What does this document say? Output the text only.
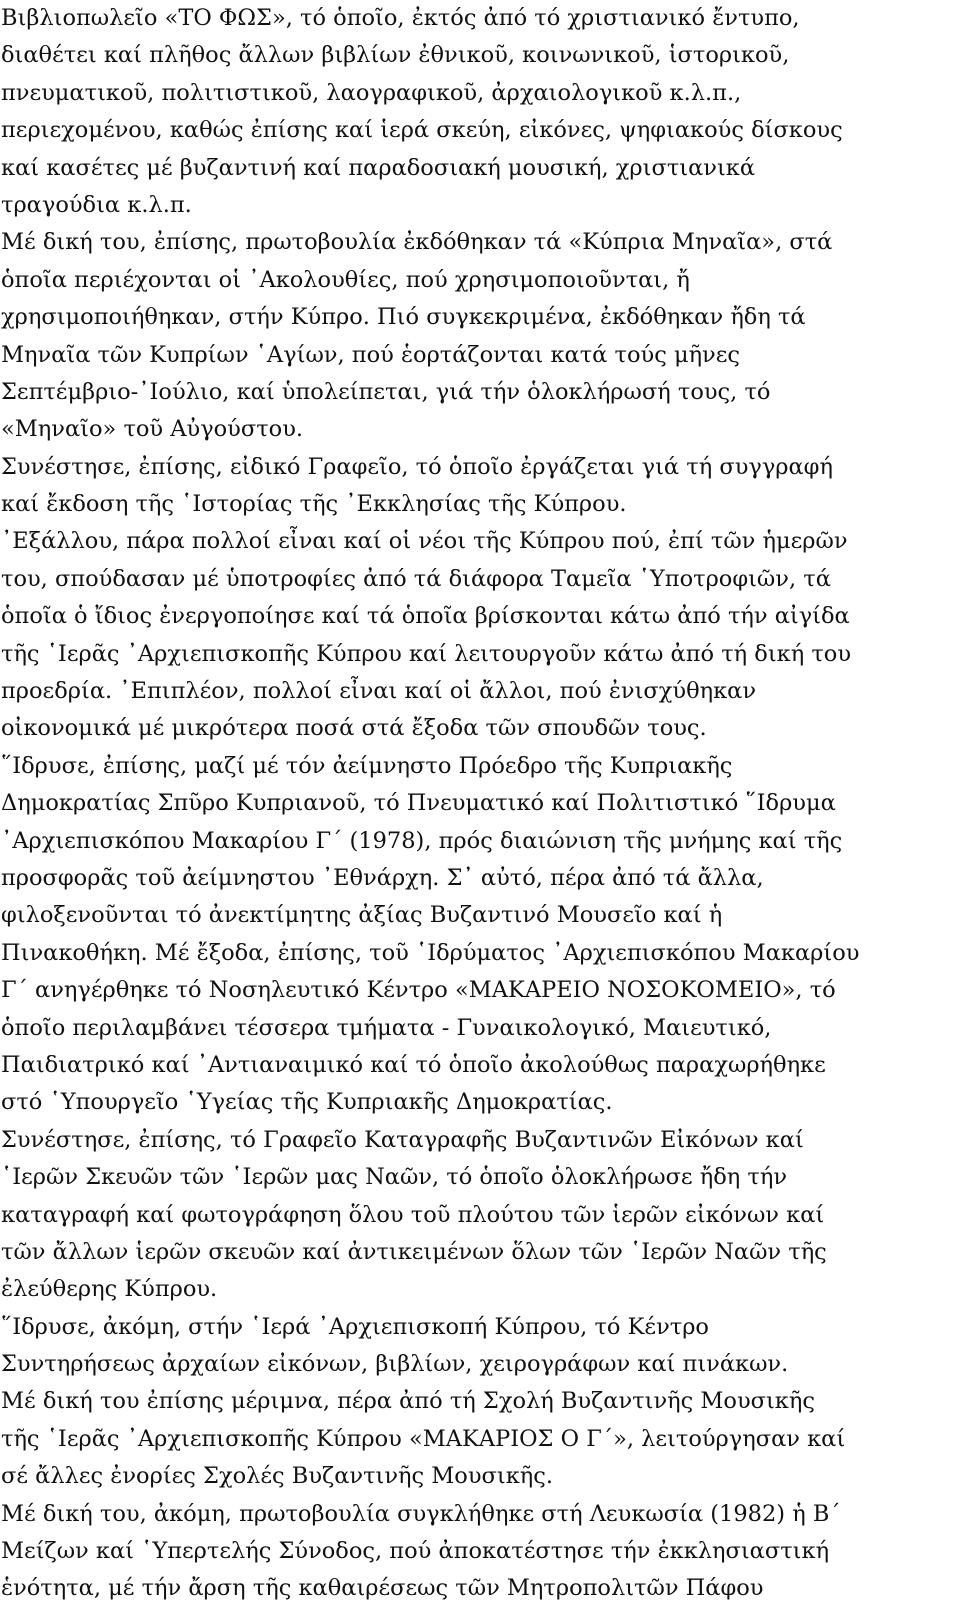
Βιβλιοπωλεῖο «ΤΟ ΦΩΣ», τό ὁποῖο, ἐκτός ἀπό τό χριστιανικό ἔντυπο,
διαθέτει καί πλῆθος ἄλλων βιβλίων ἐθνικοῦ, κοινωνικοῦ, ἱστορικοῦ,
πνευματικοῦ, πολιτιστικοῦ, λαογραφικοῦ, ἀρχαιολογικοῦ κ.λ.π.,
περιεχομένου, καθώς ἐπίσης καί ἱερά σκεύη, εἰκόνες, ψηφιακούς δίσκους
καί κασέτες μέ βυζαντινή καί παραδοσιακή μουσική, χριστιανικά
τραγούδια κ.λ.π.
Μέ δική του, ἐπίσης, πρωτοβουλία ἐκδόθηκαν τά «Κύπρια Μηναῖα», στά
ὁποῖα περιέχονται οἱ ᾿Ακολουθίες, πού χρησιμοποιοῦνται, ἤ
χρησιμοποιήθηκαν, στήν Κύπρο. Πιό συγκεκριμένα, ἐκδόθηκαν ἤδη τά
Μηναῖα τῶν Κυπρίων ῾Αγίων, πού ἑορτάζονται κατά τούς μῆνες
Σεπτέμβριο-᾿Ιούλιο, καί ὑπολείπεται, γιά τήν ὁλοκλήρωσή τους, τό
«Μηναῖο» τοῦ Αὐγούστου.
Συνέστησε, ἐπίσης, εἰδικό Γραφεῖο, τό ὁποῖο ἐργάζεται γιά τή συγγραφή
καί ἔκδοση τῆς ῾Ιστορίας τῆς ᾿Εκκλησίας τῆς Κύπρου.
᾿Εξάλλου, πάρα πολλοί εἶναι καί οἱ νέοι τῆς Κύπρου πού, ἐπί τῶν ἡμερῶν
του, σπούδασαν μέ ὑποτροφίες ἀπό τά διάφορα Ταμεῖα ῾Υποτροφιῶν, τά
ὁποῖα ὁ ἴδιος ἐνεργοποίησε καί τά ὁποῖα βρίσκονται κάτω ἀπό τήν αἰγίδα
τῆς ῾Ιερᾶς ᾿Αρχιεπισκοπῆς Κύπρου καί λειτουργοῦν κάτω ἀπό τή δική του
προεδρία. ᾿Επιπλέον, πολλοί εἶναι καί οἱ ἄλλοι, πού ἐνισχύθηκαν
οἰκονομικά μέ μικρότερα ποσά στά ἔξοδα τῶν σπουδῶν τους.
῞Ιδρυσε, ἐπίσης, μαζί μέ τόν ἀείμνηστο Πρόεδρο τῆς Κυπριακῆς
Δημοκρατίας Σπῦρο Κυπριανοῦ, τό Πνευματικό καί Πολιτιστικό ῞Ιδρυμα
᾿Αρχιεπισκόπου Μακαρίου Γ´ (1978), πρός διαιώνιση τῆς μνήμης καί τῆς
προσφορᾶς τοῦ ἀείμνηστου ᾿Εθνάρχη. Σ᾿ αὐτό, πέρα ἀπό τά ἄλλα,
φιλοξενοῦνται τό ἀνεκτίμητης ἀξίας Βυζαντινό Μουσεῖο καί ἡ
Πινακοθήκη. Μέ ἔξοδα, ἐπίσης, τοῦ ῾Ιδρύματος ᾿Αρχιεπισκόπου Μακαρίου
Γ´ ανηγέρθηκε τό Νοσηλευτικό Κέντρο «ΜΑΚΑΡΕΙΟ ΝΟΣΟΚΟΜΕΙΟ», τό
ὁποῖο περιλαμβάνει τέσσερα τμήματα - Γυναικολογικό, Μαιευτικό,
Παιδιατρικό καί ᾿Αντιαναιμικό καί τό ὁποῖο ἀκολούθως παραχωρήθηκε
στό ῾Υπουργεῖο ῾Υγείας τῆς Κυπριακῆς Δημοκρατίας.
Συνέστησε, ἐπίσης, τό Γραφεῖο Καταγραφῆς Βυζαντινῶν Εἰκόνων καί
῾Ιερῶν Σκευῶν τῶν ῾Ιερῶν μας Ναῶν, τό ὁποῖο ὁλοκλήρωσε ἤδη τήν
καταγραφή καί φωτογράφηση ὅλου τοῦ πλούτου τῶν ἱερῶν εἰκόνων καί
τῶν ἄλλων ἱερῶν σκευῶν καί ἀντικειμένων ὅλων τῶν ῾Ιερῶν Ναῶν τῆς
ἐλεύθερης Κύπρου.
῞Ιδρυσε, ἀκόμη, στήν ῾Ιερά ᾿Αρχιεπισκοπή Κύπρου, τό Κέντρο
Συντηρήσεως ἀρχαίων εἰκόνων, βιβλίων, χειρογράφων καί πινάκων.
Μέ δική του ἐπίσης μέριμνα, πέρα ἀπό τή Σχολή Βυζαντινῆς Μουσικῆς
τῆς ῾Ιερᾶς ᾿Αρχιεπισκοπῆς Κύπρου «ΜΑΚΑΡΙΟΣ Ο Γ´», λειτούργησαν καί
σέ ἄλλες ἐνορίες Σχολές Βυζαντινῆς Μουσικῆς.
Μέ δική του, ἀκόμη, πρωτοβουλία συγκλήθηκε στή Λευκωσία (1982) ἡ Β´
Μείζων καί ῾Υπερτελής Σύνοδος, πού ἀποκατέστησε τήν ἐκκλησιαστική
ἑνότητα, μέ τήν ἄρση τῆς καθαιρέσεως τῶν Μητροπολιτῶν Πάφου
